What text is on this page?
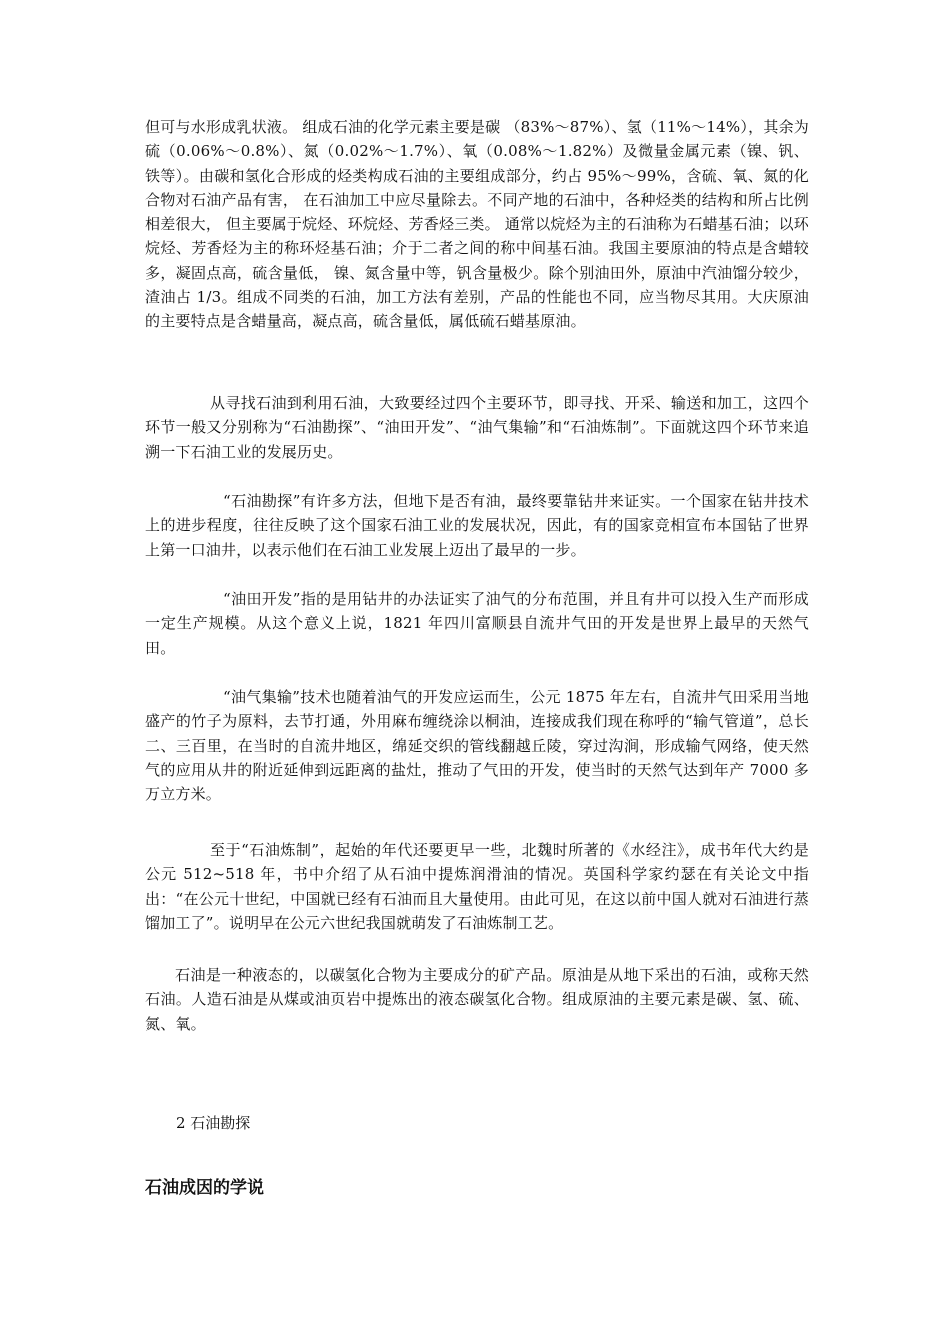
但可与水形成乳状液。 组成石油的化学元素主要是碳 （83%～87%）、氢（11%～14%），其余为硫（0.06%～0.8%）、氮（0.02%～1.7%）、氧（0.08%～1.82%）及微量金属元素（镍、钒、铁等）。由碳和氢化合形成的烃类构成石油的主要组成部分，约占 95%～99%，含硫、氧、氮的化合物对石油产品有害， 在石油加工中应尽量除去。不同产地的石油中，各种烃类的结构和所占比例相差很大， 但主要属于烷烃、环烷烃、芳香烃三类。 通常以烷烃为主的石油称为石蜡基石油；以环烷烃、芳香烃为主的称环烃基石油；介于二者之间的称中间基石油。我国主要原油的特点是含蜡较多，凝固点高，硫含量低， 镍、氮含量中等，钒含量极少。除个别油田外，原油中汽油馏分较少，渣油占 1/3。组成不同类的石油，加工方法有差别，产品的性能也不同，应当物尽其用。大庆原油的主要特点是含蜡量高，凝点高，硫含量低，属低硫石蜡基原油。

从寻找石油到利用石油，大致要经过四个主要环节，即寻找、开采、输送和加工，这四个环节一般又分别称为“石油勘探”、“油田开发”、“油气集输”和“石油炼制”。下面就这四个环节来追溯一下石油工业的发展历史。

“石油勘探”有许多方法，但地下是否有油，最终要靠钻井来证实。一个国家在钻井技术上的进步程度，往往反映了这个国家石油工业的发展状况，因此，有的国家竞相宣布本国钻了世界上第一口油井，以表示他们在石油工业发展上迈出了最早的一步。

“油田开发”指的是用钻井的办法证实了油气的分布范围，并且有井可以投入生产而形成一定生产规模。从这个意义上说，1821 年四川富顺县自流井气田的开发是世界上最早的天然气田。

“油气集输”技术也随着油气的开发应运而生，公元 1875 年左右，自流井气田采用当地盛产的竹子为原料，去节打通，外用麻布缠绕涂以桐油，连接成我们现在称呼的“输气管道”，总长二、三百里，在当时的自流井地区，绵延交织的管线翻越丘陵，穿过沟涧，形成输气网络，使天然气的应用从井的附近延伸到远距离的盐灶，推动了气田的开发，使当时的天然气达到年产 7000 多万立方米。

至于“石油炼制”，起始的年代还要更早一些，北魏时所著的《水经注》，成书年代大约是公元 512~518 年，书中介绍了从石油中提炼润滑油的情况。英国科学家约瑟在有关论文中指出：“在公元十世纪，中国就已经有石油而且大量使用。由此可见，在这以前中国人就对石油进行蒸馏加工了”。说明早在公元六世纪我国就萌发了石油炼制工艺。

石油是一种液态的，以碳氢化合物为主要成分的矿产品。原油是从地下采出的石油，或称天然石油。人造石油是从煤或油页岩中提炼出的液态碳氢化合物。组成原油的主要元素是碳、氢、硫、氮、氧。

2 石油勘探

石油成因的学说
